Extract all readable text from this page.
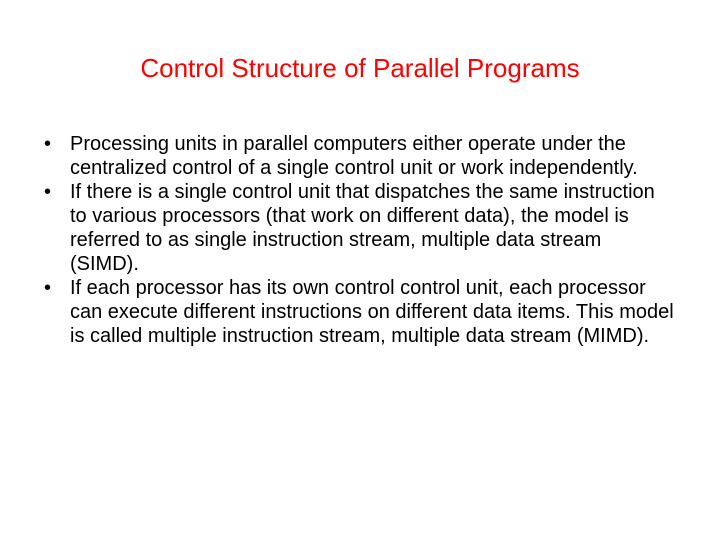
Control Structure of Parallel Programs
• Processing units in parallel computers either operate under the centralized control of a single control unit or work independently.
• If there is a single control unit that dispatches the same instruction to various processors (that work on different data), the model is referred to as single instruction stream, multiple data stream (SIMD).
• If each processor has its own control control unit, each processor can execute different instructions on different data items. This model is called multiple instruction stream, multiple data stream (MIMD).
